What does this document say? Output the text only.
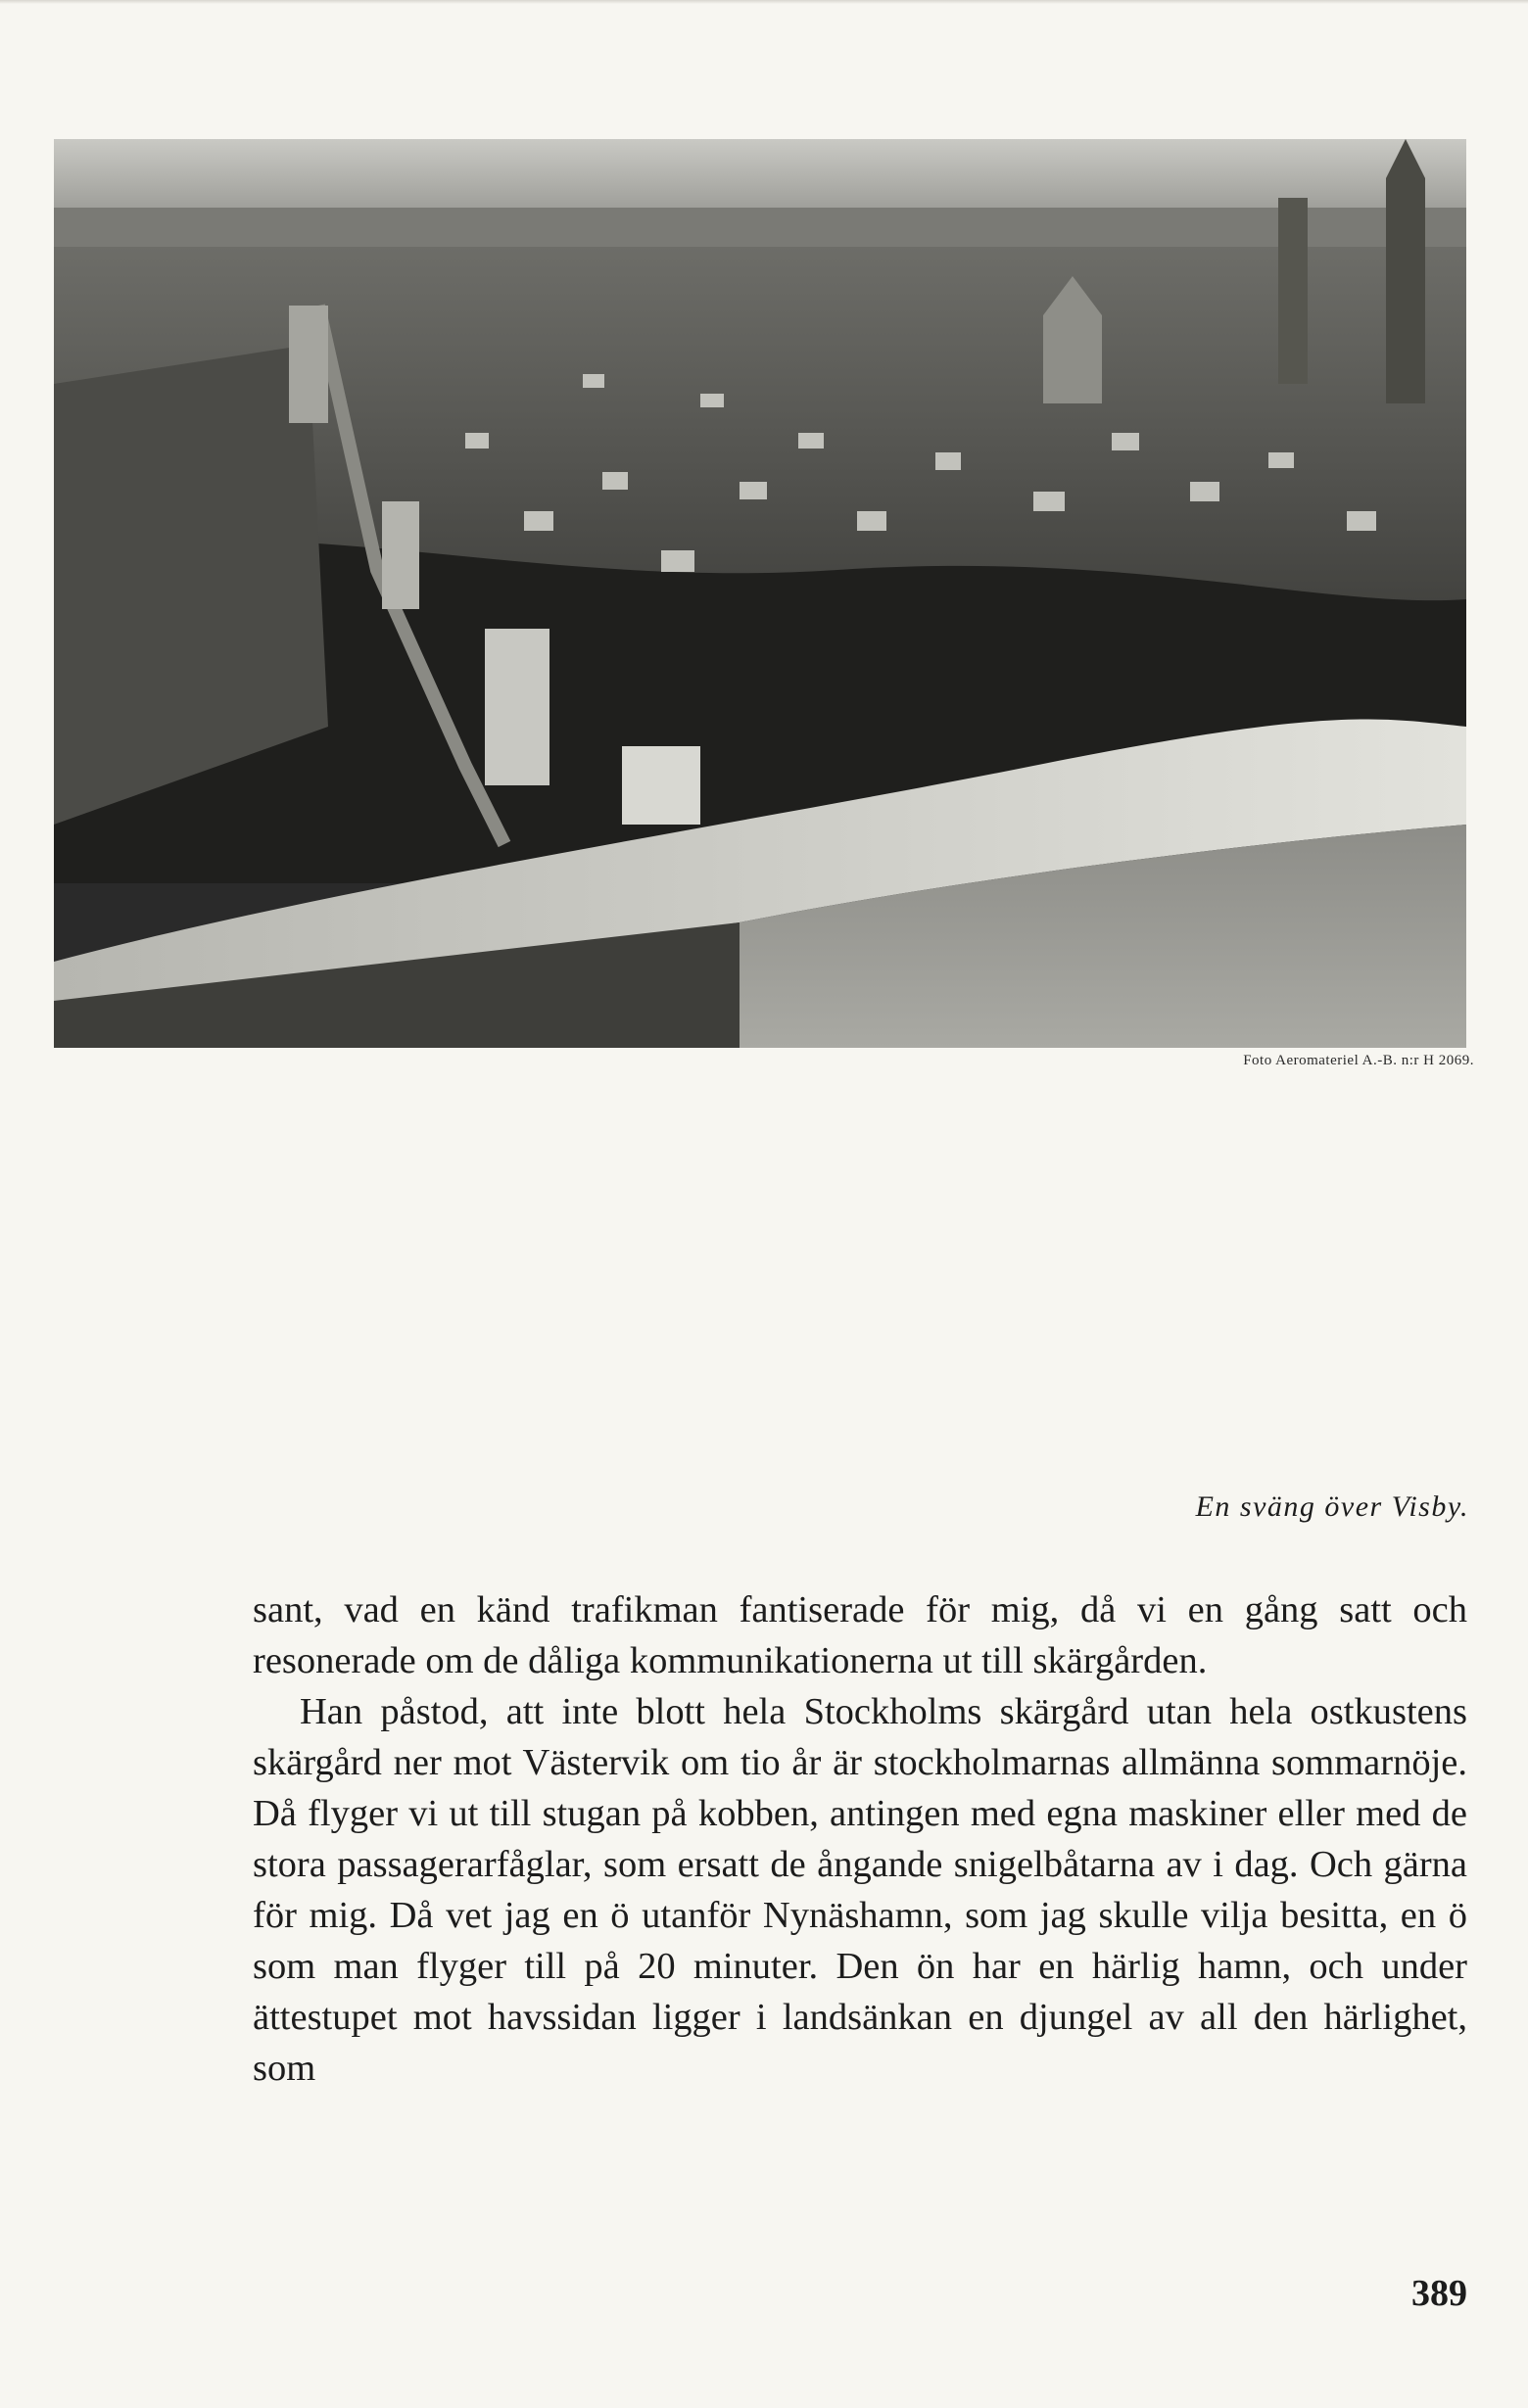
Foto Aeromateriel A.-B. n:r H 2069.
En sväng över Visby.

sant, vad en känd trafikman fantiserade för mig, då vi en gång satt och resonerade om de dåliga kommunikationerna ut till skärgården.

Han påstod, att inte blott hela Stockholms skärgård utan hela ostkustens skärgård ner mot Västervik om tio år är stockholmarnas allmänna sommarnöje. Då flyger vi ut till stugan på kobben, antingen med egna maskiner eller med de stora passagerarfåglar, som ersatt de ångande snigelbåtarna av i dag. Och gärna för mig. Då vet jag en ö utanför Nynäshamn, som jag skulle vilja besitta, en ö som man flyger till på 20 minuter. Den ön har en härlig hamn, och under ättestupet mot havssidan ligger i landsänkan en djungel av all den härlighet, som

389
